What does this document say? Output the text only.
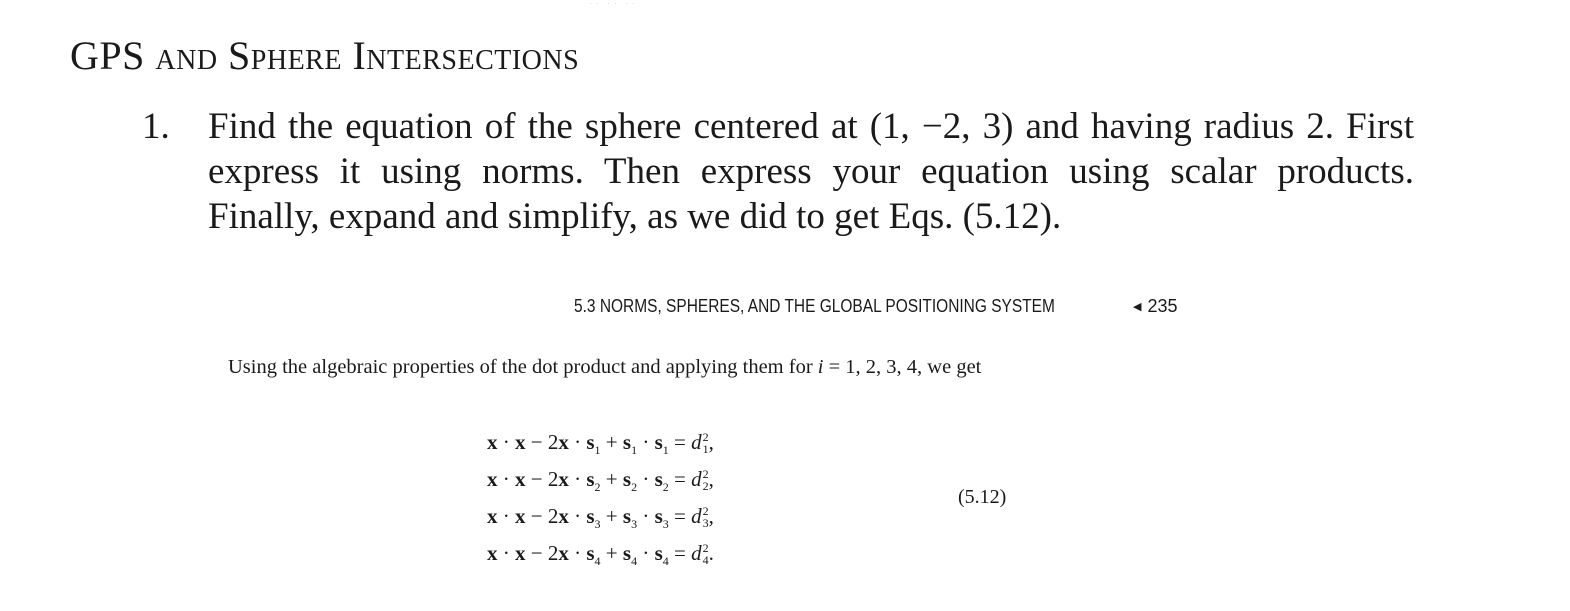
GPS and Sphere Intersections
1. Find the equation of the sphere centered at (1, −2, 3) and having radius 2. First express it using norms. Then express your equation using scalar products. Finally, expand and simplify, as we did to get Eqs. (5.12).
5.3 NORMS, SPHERES, AND THE GLOBAL POSITIONING SYSTEM	◀ 235
Using the algebraic properties of the dot product and applying them for i = 1, 2, 3, 4, we get
$x \cdot x - 2x \cdot s_1 + s_1 \cdot s_1 = d$ 2
1 ,
$x \cdot x - 2x \cdot s_2 + s_2 \cdot s_2 = d$ 2
2 ,
$x \cdot x - 2x \cdot s_3 + s_3 \cdot s_3 = d$ 2
3 ,
$x \cdot x - 2x \cdot s_4 + s_4 \cdot s_4 = d$ 2
4 .
(5.12)
